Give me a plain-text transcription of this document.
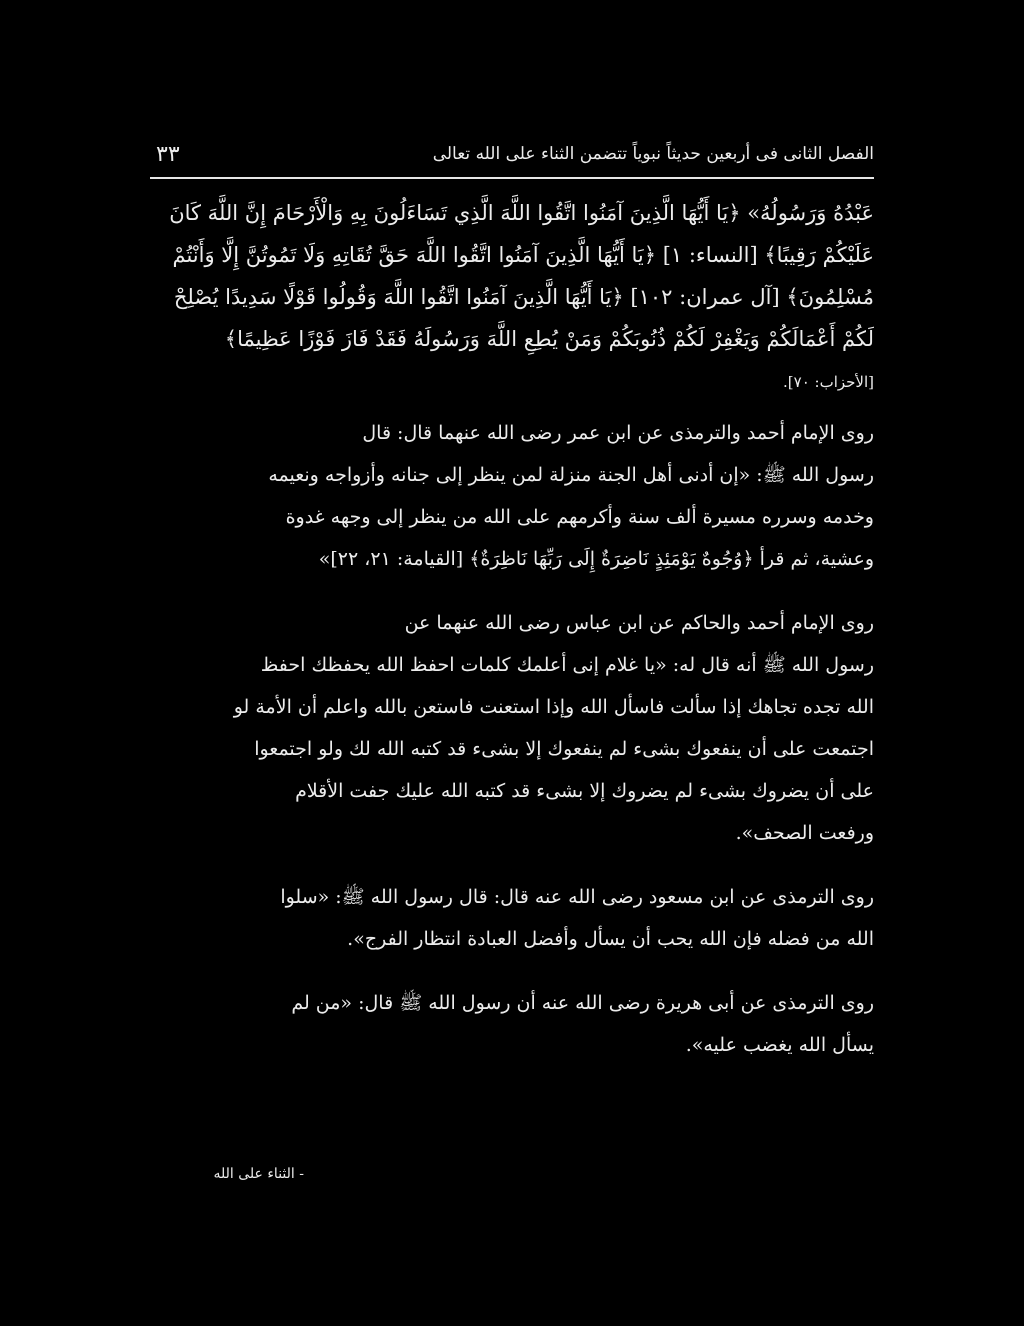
الفصل الثانى فى أربعين حديثاً نبوياً تتضمن الثناء على الله تعالى
٣٣

عَبْدُهُ وَرَسُولُهُ» ﴿يَا أَيُّهَا الَّذِينَ آمَنُوا اتَّقُوا اللَّهَ الَّذِي تَسَاءَلُونَ بِهِ وَالْأَرْحَامَ إِنَّ اللَّهَ كَانَ

عَلَيْكُمْ رَقِيبًا﴾ [النساء: ١] ﴿يَا أَيُّهَا الَّذِينَ آمَنُوا اتَّقُوا اللَّهَ حَقَّ تُقَاتِهِ وَلَا تَمُوتُنَّ إِلَّا وَأَنْتُمْ

مُسْلِمُونَ﴾ [آل عمران: ١٠٢] ﴿يَا أَيُّهَا الَّذِينَ آمَنُوا اتَّقُوا اللَّهَ وَقُولُوا قَوْلًا سَدِيدًا يُصْلِحْ

لَكُمْ أَعْمَالَكُمْ وَيَغْفِرْ لَكُمْ ذُنُوبَكُمْ وَمَنْ يُطِعِ اللَّهَ وَرَسُولَهُ فَقَدْ فَازَ فَوْزًا عَظِيمًا﴾

[الأحزاب: ٧٠].

روى الإمام أحمد والترمذى عن ابن عمر رضى الله عنهما قال: قال

رسول الله ﷺ: «إن أدنى أهل الجنة منزلة لمن ينظر إلى جنانه وأزواجه ونعيمه

وخدمه وسرره مسيرة ألف سنة وأكرمهم على الله من ينظر إلى وجهه غدوة

وعشية، ثم قرأ ﴿وُجُوهٌ يَوْمَئِذٍ نَاضِرَةٌ إِلَى رَبِّهَا نَاظِرَةٌ﴾ [القيامة: ٢١، ٢٢]»

روى الإمام أحمد والحاكم عن ابن عباس رضى الله عنهما عن

رسول الله ﷺ أنه قال له: «يا غلام إنى أعلمك كلمات احفظ الله يحفظك احفظ

الله تجده تجاهك إذا سألت فاسأل الله وإذا استعنت فاستعن بالله واعلم أن الأمة لو

اجتمعت على أن ينفعوك بشىء لم ينفعوك إلا بشىء قد كتبه الله لك ولو اجتمعوا

على أن يضروك بشىء لم يضروك إلا بشىء قد كتبه الله عليك جفت الأقلام

ورفعت الصحف».

روى الترمذى عن ابن مسعود رضى الله عنه قال: قال رسول الله ﷺ: «سلوا

الله من فضله فإن الله يحب أن يسأل وأفضل العبادة انتظار الفرج».

روى الترمذى عن أبى هريرة رضى الله عنه أن رسول الله ﷺ قال: «من لم

يسأل الله يغضب عليه».

- الثناء على الله
